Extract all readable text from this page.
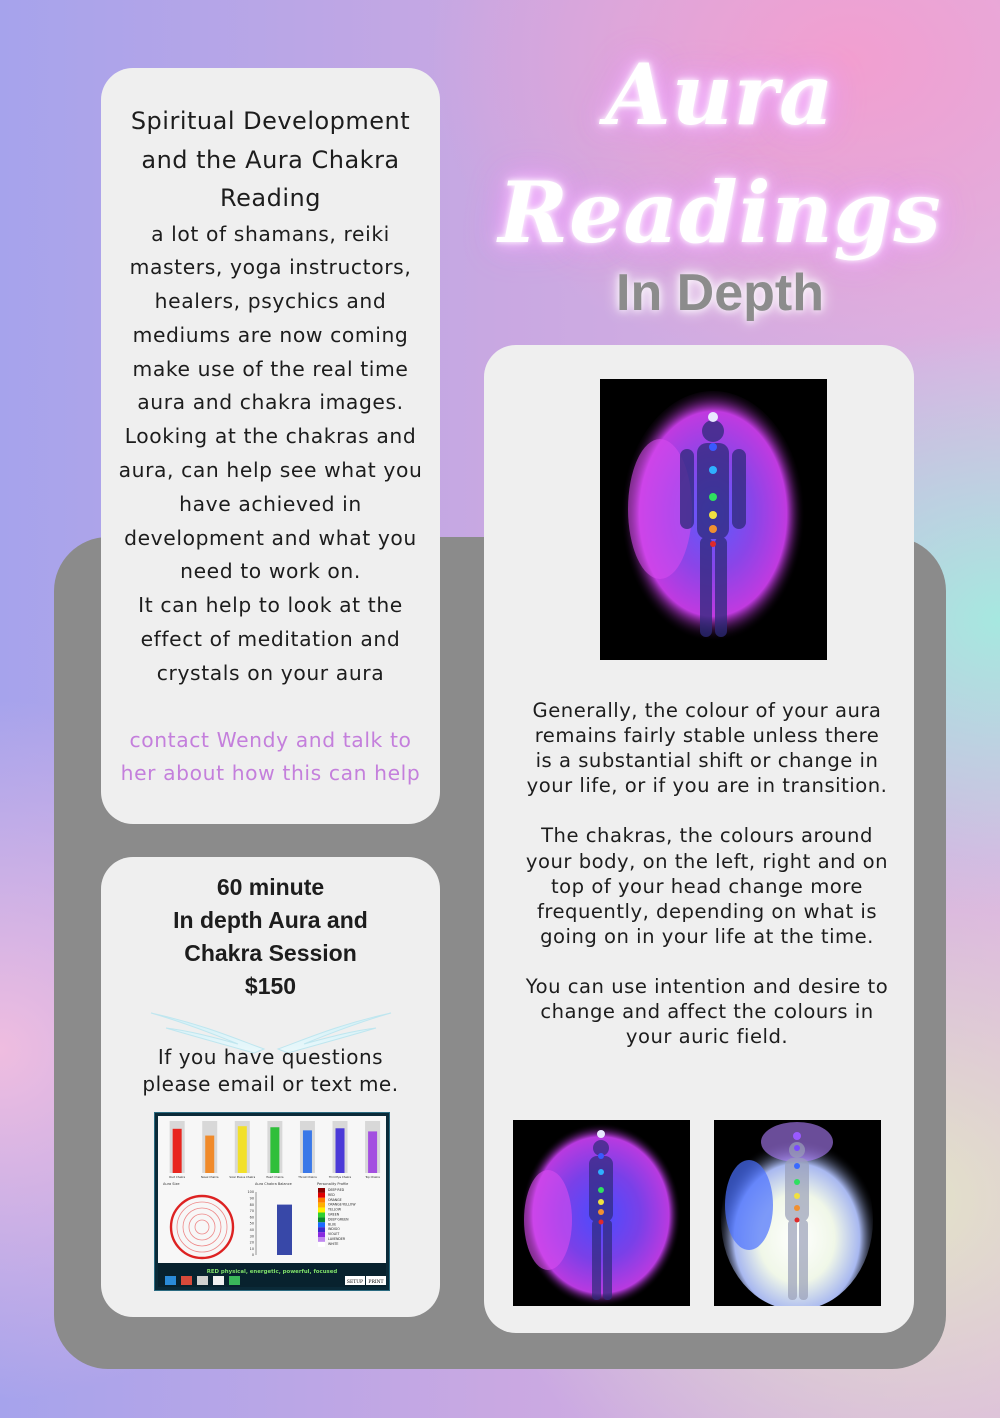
Aura
Readings
In Depth
Spiritual Development and the Aura Chakra Reading
a lot of shamans, reiki masters, yoga instructors, healers, psychics and mediums are now coming make use of the real time aura and chakra images. Looking at the chakras and aura, can help see what you have achieved in development and what you need to work on.
It can help to look at the effect of meditation and crystals on your aura
contact Wendy and talk to her about how this can help
60 minute
In depth Aura and Chakra Session
$150
If you have questions please email or text me.
Aura Size	Aura Chakra Balance	Personality Profile
100
90
80
70
60
50
40
30
20
10
0
Root Chakra	Navel Chakra	Solar Plexus Chakra	Heart Chakra	Throat Chakra	Third Eye Chakra	Top Chakra
DEEP RED
RED
ORANGE
ORANGE-YELLOW
YELLOW
GREEN
DEEP GREEN
BLUE
INDIGO
VIOLET
LAVENDER
WHITE
RED physical, energetic, powerful, focused
SETUP PRINT

Generally, the colour of your aura remains fairly stable unless there is a substantial shift or change in your life, or if you are in transition.

The chakras, the colours around your body, on the left, right and on top of your head change more frequently, depending on what is going on in your life at the time.

You can use intention and desire to change and affect the colours in your auric field.
